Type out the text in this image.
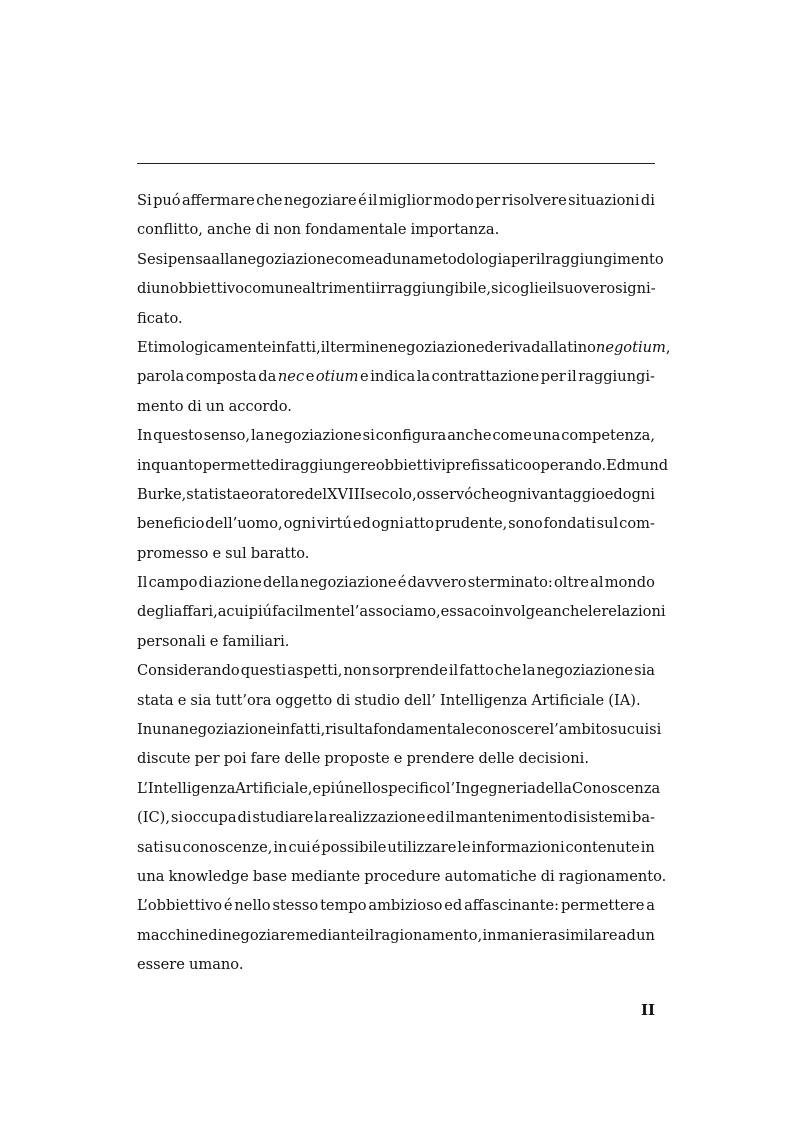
Si puó affermare che negoziare é il miglior modo per risolvere situazioni di
conflitto, anche di non fondamentale importanza.
Se si pensa alla negoziazione come ad una metodologia per il raggiungimento
di un obbiettivo comune altrimenti irraggiungibile, si coglie il suo vero signi-
ficato.
Etimologicamente infatti, il termine negoziazione deriva dal latino negotium,
parola composta da nec e otium e indica la contrattazione per il raggiungi-
mento di un accordo.
In questo senso, la negoziazione si configura anche come una competenza,
in quanto permette di raggiungere obbiettivi prefissati cooperando. Edmund
Burke, statista e oratore del XVIII secolo, osservó che ogni vantaggio ed ogni
beneficio dell’uomo, ogni virtú ed ogni atto prudente, sono fondati sul com-
promesso e sul baratto.
Il campo di azione della negoziazione é davvero sterminato: oltre al mondo
degli affari, a cui piú facilmente l’associamo, essa coinvolge anche le relazioni
personali e familiari.
Considerando questi aspetti, non sorprende il fatto che la negoziazione sia
stata e sia tutt’ora oggetto di studio dell’ Intelligenza Artificiale (IA).
In una negoziazione infatti, risulta fondamentale conoscere l’ambito su cui si
discute per poi fare delle proposte e prendere delle decisioni.
L’Intelligenza Artificiale, e piú nello specifico l’ Ingegneria della Conoscenza
(IC), si occupa di studiare la realizzazione ed il mantenimento di sistemi ba-
sati su conoscenze, in cui é possibile utilizzare le informazioni contenute in
una knowledge base mediante procedure automatiche di ragionamento.
L’obbiettivo é nello stesso tempo ambizioso ed affascinante: permettere a
macchine di negoziare mediante il ragionamento, in maniera similare ad un
essere umano.
II
